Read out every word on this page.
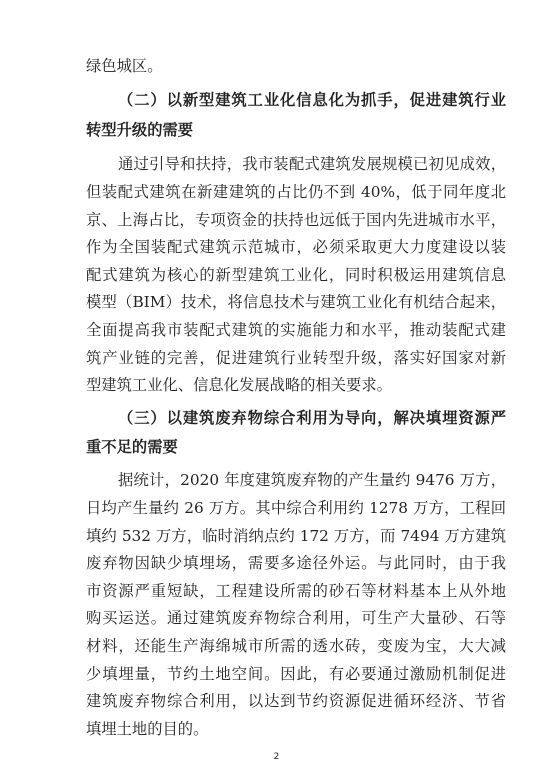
绿色城区。
（二）以新型建筑工业化信息化为抓手，促进建筑行业
转型升级的需要
通过引导和扶持，我市装配式建筑发展规模已初见成效，
但装配式建筑在新建建筑的占比仍不到 40%，低于同年度北
京、上海占比，专项资金的扶持也远低于国内先进城市水平，
作为全国装配式建筑示范城市，必须采取更大力度建设以装
配式建筑为核心的新型建筑工业化，同时积极运用建筑信息
模型（BIM）技术，将信息技术与建筑工业化有机结合起来，
全面提高我市装配式建筑的实施能力和水平，推动装配式建
筑产业链的完善，促进建筑行业转型升级，落实好国家对新
型建筑工业化、信息化发展战略的相关要求。
（三）以建筑废弃物综合利用为导向，解决填埋资源严
重不足的需要
据统计，2020 年度建筑废弃物的产生量约 9476 万方，
日均产生量约 26 万方。其中综合利用约 1278 万方，工程回
填约 532 万方，临时消纳点约 172 万方，而 7494 万方建筑
废弃物因缺少填埋场，需要多途径外运。与此同时，由于我
市资源严重短缺，工程建设所需的砂石等材料基本上从外地
购买运送。通过建筑废弃物综合利用，可生产大量砂、石等
材料，还能生产海绵城市所需的透水砖，变废为宝，大大减
少填埋量，节约土地空间。因此，有必要通过激励机制促进
建筑废弃物综合利用，以达到节约资源促进循环经济、节省
填埋土地的目的。
2
